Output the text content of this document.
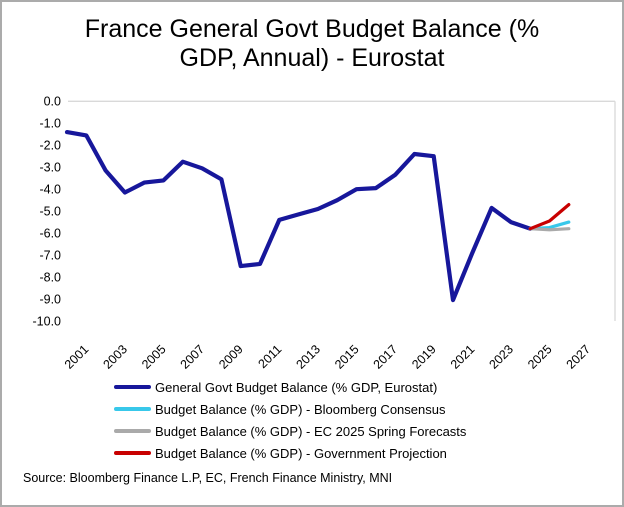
France General Govt Budget Balance (%
GDP, Annual) - Eurostat
0.0
-1.0
-2.0
-3.0
-4.0
-5.0
-6.0
-7.0
-8.0
-9.0
-10.0
2001 2003 2005 2007 2009 2011 2013 2015 2017 2019 2021 2023 2025 2027
General Govt Budget Balance (% GDP, Eurostat)
Budget Balance (% GDP) - Bloomberg Consensus
Budget Balance (% GDP) - EC 2025 Spring Forecasts
Budget Balance (% GDP) - Government Projection
Source: Bloomberg Finance L.P, EC, French Finance Ministry, MNI
